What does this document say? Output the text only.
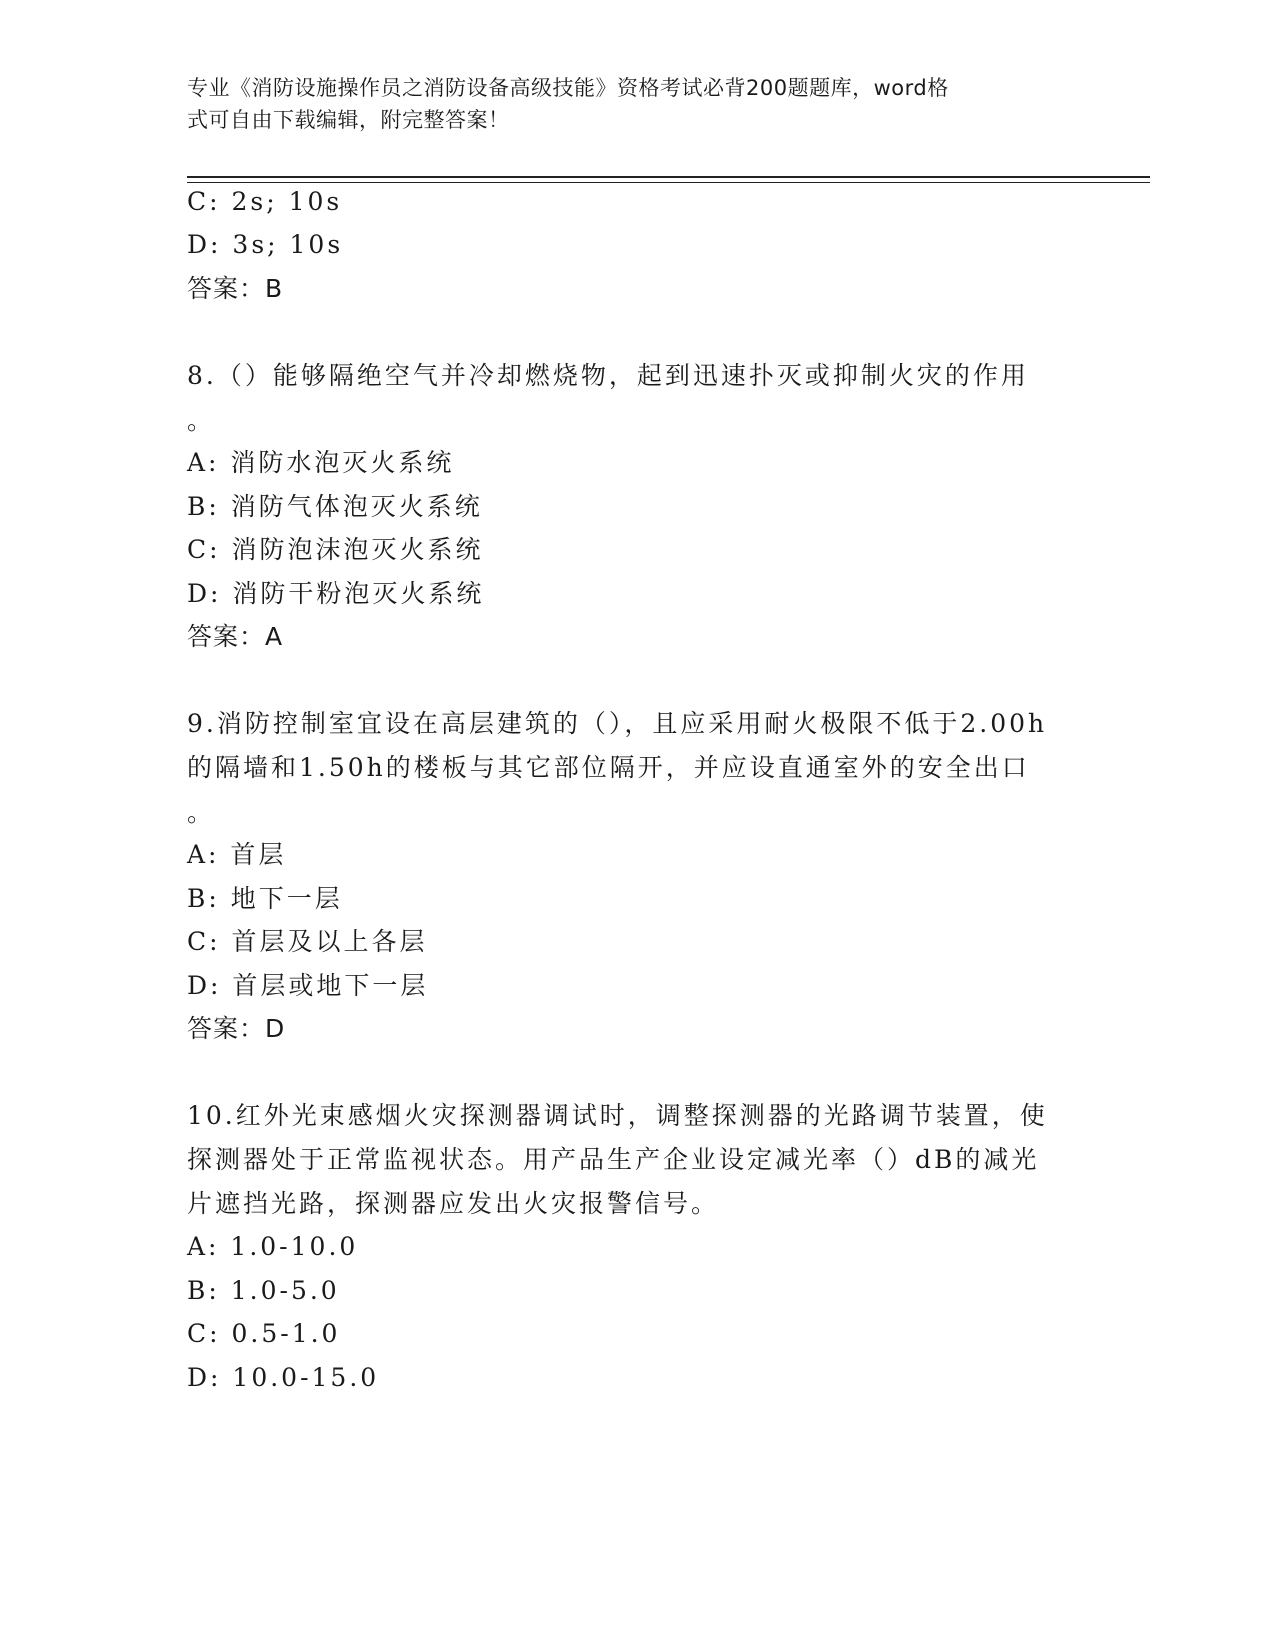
专业《消防设施操作员之消防设备高级技能》资格考试必背200题题库，word格
式可自由下载编辑，附完整答案！
C: 2s; 10s
D: 3s; 10s
答案：B
8.（）能够隔绝空气并冷却燃烧物，起到迅速扑灭或抑制火灾的作用
。
A: 消防水泡灭火系统
B: 消防气体泡灭火系统
C: 消防泡沫泡灭火系统
D: 消防干粉泡灭火系统
答案：A
9.消防控制室宜设在高层建筑的（），且应采用耐火极限不低于2.00h
的隔墙和1.50h的楼板与其它部位隔开，并应设直通室外的安全出口
。
A: 首层
B: 地下一层
C: 首层及以上各层
D: 首层或地下一层
答案：D
10.红外光束感烟火灾探测器调试时，调整探测器的光路调节装置，使
探测器处于正常监视状态。用产品生产企业设定减光率（）dB的减光
片遮挡光路，探测器应发出火灾报警信号。
A: 1.0-10.0
B: 1.0-5.0
C: 0.5-1.0
D: 10.0-15.0
